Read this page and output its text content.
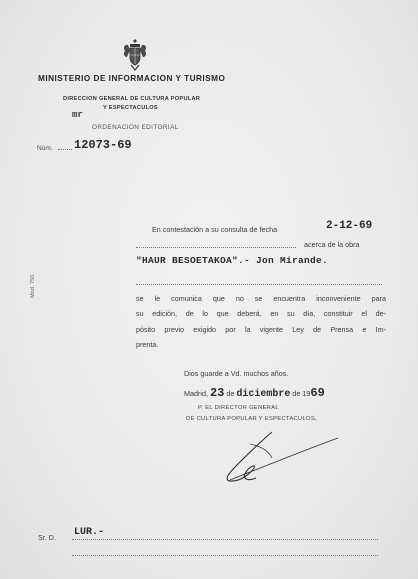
MINISTERIO DE INFORMACION Y TURISMO
DIRECCION GENERAL DE CULTURA POPULAR
Y ESPECTACULOS
mr
ORDENACION EDITORIAL
Núm. 12073-69
Mod. 750
En contestación a su consulta de fecha	2-12-69
acerca de la obra
"HAUR BESOETAKOA".- Jon Mirande.
se le comunica que no se encuentra inconveniente para
su edición, de lo que deberá, en su día, constituir el de-
pósito previo exigido por la vigente Ley de Prensa e Im-
prenta.
Dios guarde a Vd. muchos años.
Madrid, 23 de diciembre de 1969
P. EL DIRECTOR GENERAL
DE CULTURA POPULAR Y ESPECTACULOS,
Sr. D. LUR.-
